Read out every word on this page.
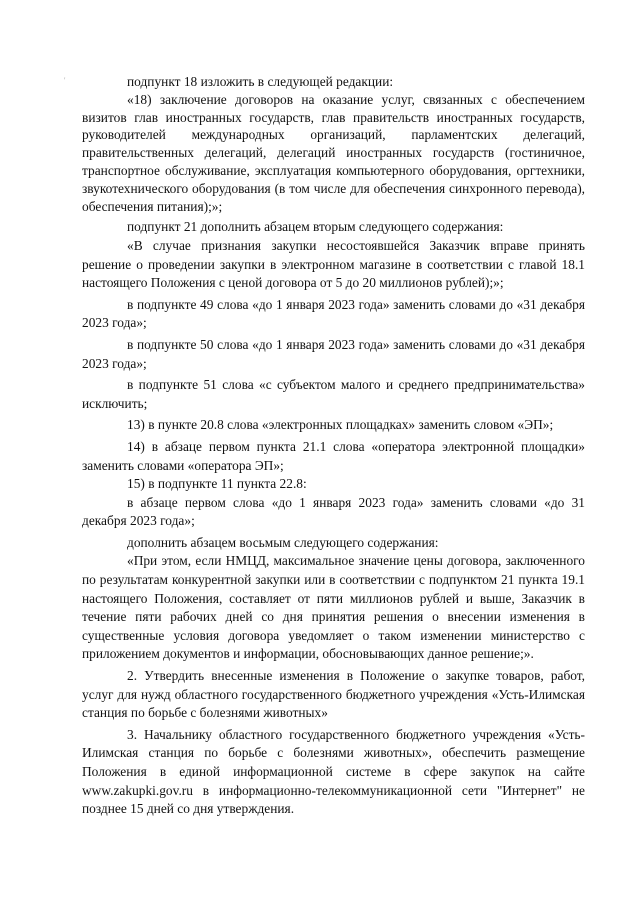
'	подпункт 18 изложить в следующей редакции:

«18) заключение договоров на оказание услуг, связанных с обеспечением визитов глав иностранных государств, глав правительств иностранных государств, руководителей международных организаций, парламентских делегаций, правительственных делегаций, делегаций иностранных государств (гостиничное, транспортное обслуживание, эксплуатация компьютерного оборудования, оргтехники, звукотехнического оборудования (в том числе для обеспечения синхронного перевода), обеспечения питания);»;

подпункт 21 дополнить абзацем вторым следующего содержания:

«В случае признания закупки несостоявшейся Заказчик вправе принять решение о проведении закупки в электронном магазине в соответствии с главой 18.1 настоящего Положения с ценой договора от 5 до 20 миллионов рублей);»;

в подпункте 49 слова «до 1 января 2023 года» заменить словами до «31 декабря 2023 года»;

в подпункте 50 слова «до 1 января 2023 года» заменить словами до «31 декабря 2023 года»;

в подпункте 51 слова «с субъектом малого и среднего предпринимательства» исключить;

13) в пункте 20.8 слова «электронных площадках» заменить словом «ЭП»;

14) в абзаце первом пункта 21.1 слова «оператора электронной площадки» заменить словами «оператора ЭП»;

15) в подпункте 11 пункта 22.8:

в абзаце первом слова «до 1 января 2023 года» заменить словами «до 31 декабря 2023 года»;

дополнить абзацем восьмым следующего содержания:

«При этом, если НМЦД, максимальное значение цены договора, заключенного по результатам конкурентной закупки или в соответствии с подпунктом 21 пункта 19.1 настоящего Положения, составляет от пяти миллионов рублей и выше, Заказчик в течение пяти рабочих дней со дня принятия решения о внесении изменения в существенные условия договора уведомляет о таком изменении министерство с приложением документов и информации, обосновывающих данное решение;».

2. Утвердить внесенные изменения в Положение о закупке товаров, работ, услуг для нужд областного государственного бюджетного учреждения «Усть-Илимская станция по борьбе с болезнями животных»

3. Начальнику областного государственного бюджетного учреждения «Усть-Илимская станция по борьбе с болезнями животных», обеспечить размещение Положения в единой информационной системе в сфере закупок на сайте www.zakupki.gov.ru в информационно-телекоммуникационной сети "Интернет" не позднее 15 дней со дня утверждения.
